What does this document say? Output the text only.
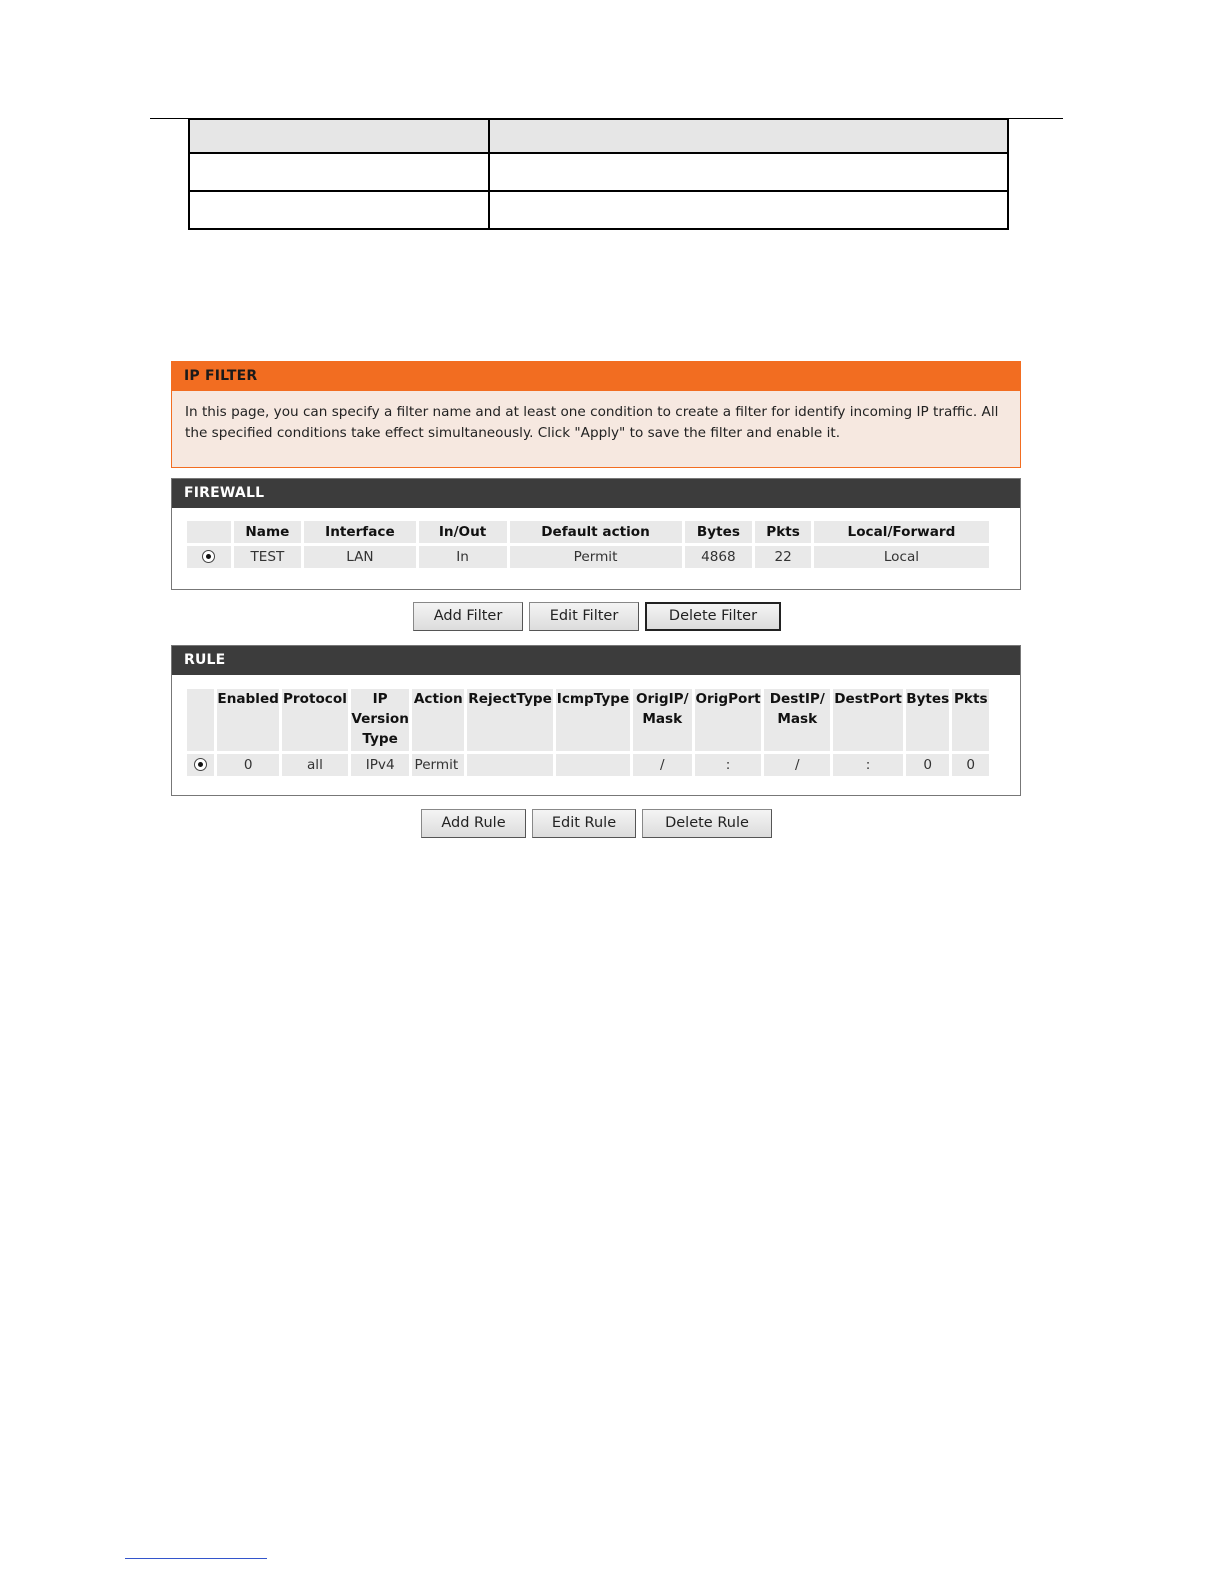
IP FILTER
In this page, you can specify a filter name and at least one condition to create a filter for identify incoming IP traffic. All the specified conditions take effect simultaneously. Click "Apply" to save the filter and enable it.
FIREWALL
	Name	Interface	In/Out	Default action	Bytes	Pkts	Local/Forward
	TEST	LAN	In	Permit	4868	22	Local
Add Filter	Edit Filter	Delete Filter
RULE
	Enabled	Protocol	IP Version Type	Action	RejectType	IcmpType	OrigIP/ Mask	OrigPort	DestIP/ Mask	DestPort	Bytes	Pkts
	0	all	IPv4	Permit			/	:	/	:	0	0
Add Rule	Edit Rule	Delete Rule
